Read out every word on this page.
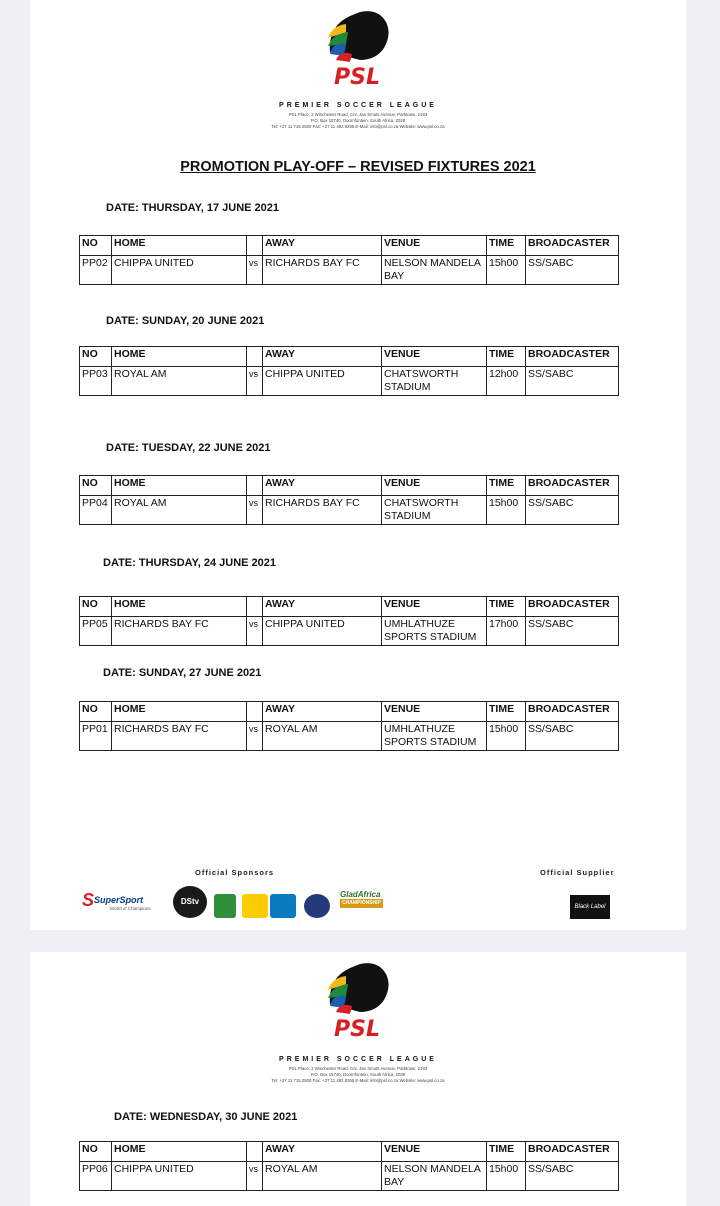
PSL
PREMIER SOCCER LEAGUE
PSL Place, 2 Winchester Road, Cnr. Jan Smuts Avenue, Parktown, 2193
P.O. Box 15740, Doornfontein, South Africa, 2028
Tel: +27 11 715 2500 Fax: +27 11 482 8265 E-Mail: info@psl.co.za Website: www.psl.co.za
PROMOTION PLAY-OFF – REVISED FIXTURES 2021
DATE: THURSDAY, 17 JUNE 2021
NO	HOME		AWAY	VENUE	TIME	BROADCASTER
PP02	CHIPPA UNITED	vs	RICHARDS BAY FC	NELSON MANDELA BAY	15h00	SS/SABC
DATE: SUNDAY, 20 JUNE 2021
NO	HOME		AWAY	VENUE	TIME	BROADCASTER
PP03	ROYAL AM	vs	CHIPPA UNITED	CHATSWORTH STADIUM	12h00	SS/SABC
DATE: TUESDAY, 22 JUNE 2021
NO	HOME		AWAY	VENUE	TIME	BROADCASTER
PP04	ROYAL AM	vs	RICHARDS BAY FC	CHATSWORTH STADIUM	15h00	SS/SABC
DATE: THURSDAY, 24 JUNE 2021
NO	HOME		AWAY	VENUE	TIME	BROADCASTER
PP05	RICHARDS BAY FC	vs	CHIPPA UNITED	UMHLATHUZE SPORTS STADIUM	17h00	SS/SABC
DATE: SUNDAY, 27 JUNE 2021
NO	HOME		AWAY	VENUE	TIME	BROADCASTER
PP01	RICHARDS BAY FC	vs	ROYAL AM	UMHLATHUZE SPORTS STADIUM	15h00	SS/SABC
Official Sponsors	Official Supplier
SSuperSport
World of Champions
DStv
GladAfrica
CHAMPIONSHIP
Black Label
PSL
PREMIER SOCCER LEAGUE
PSL Place, 2 Winchester Road, Cnr. Jan Smuts Avenue, Parktown, 2193
P.O. Box 15740, Doornfontein, South Africa, 2028
Tel: +27 11 715 2500 Fax: +27 11 482 8265 E-Mail: info@psl.co.za Website: www.psl.co.za
DATE: WEDNESDAY, 30 JUNE 2021
NO	HOME		AWAY	VENUE	TIME	BROADCASTER
PP06	CHIPPA UNITED	vs	ROYAL AM	NELSON MANDELA BAY	15h00	SS/SABC
